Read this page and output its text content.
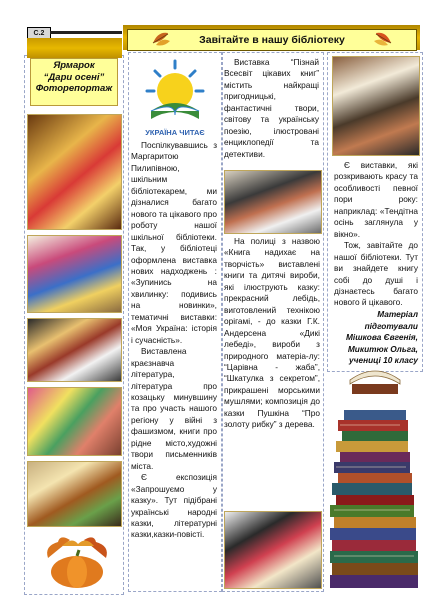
С.2
Завітайте в нашу бібліотеку
Ярмарок
“Дари осені”
Фоторепортаж
УКРАЇНА ЧИТАЄ

Поспілкувавшись з Маргаритою Пилипівною, шкільним бібліотекарем, ми дізналися багато нового та цікавого про роботу нашої шкільної бібліотеки. Так, у бібліотеці оформлена виставка нових надходжень : «Зупинись на хвилинку: подивись на новинки», тематичні виставки: «Моя Україна: історія і сучасність».

Виставлена краєзнавча література, література про козацьку минувшину та про участь нашого регіону у війні з фашизмом, книги про рідне місто,художні твори письменників міста.

Є експозиція «Запрошуємо у казку». Тут підібрані українські народні казки, літературні казки,казки-повісті.

Виставка “Пізнай Всесвіт цікавих книг” містить найкращі пригодницькі, фантастичні твори, світову та українську поезію, ілюстровані енциклопедії та детективи.

На полиці з назвою «Книга надихає на творчість» виставлені книги та дитячі вироби, які ілюструють казку: прекрасний лебідь, виготовлений технікою орігамі, - до казки Г.К. Андерсена «Дикі лебеді», вироби з природного матеріа-лу: “Царівна - жаба”, “Шкатулка з секретом”, прикрашені морськими мушлями; композиція до казки Пушкіна “Про золоту рибку” з дерева.

Є виставки, які розкривають красу та особливості певної пори року: наприклад: «Тендітна осінь заглянула у вікно».

Тож, завітайте до нашої бібліотеки. Тут ви знайдете книгу собі до душі і дізнаєтесь багато нового й цікавого.

Матеріал
підготували
Мішкова Євгенія,
Микитюк Ольга,
учениці 10 класу
